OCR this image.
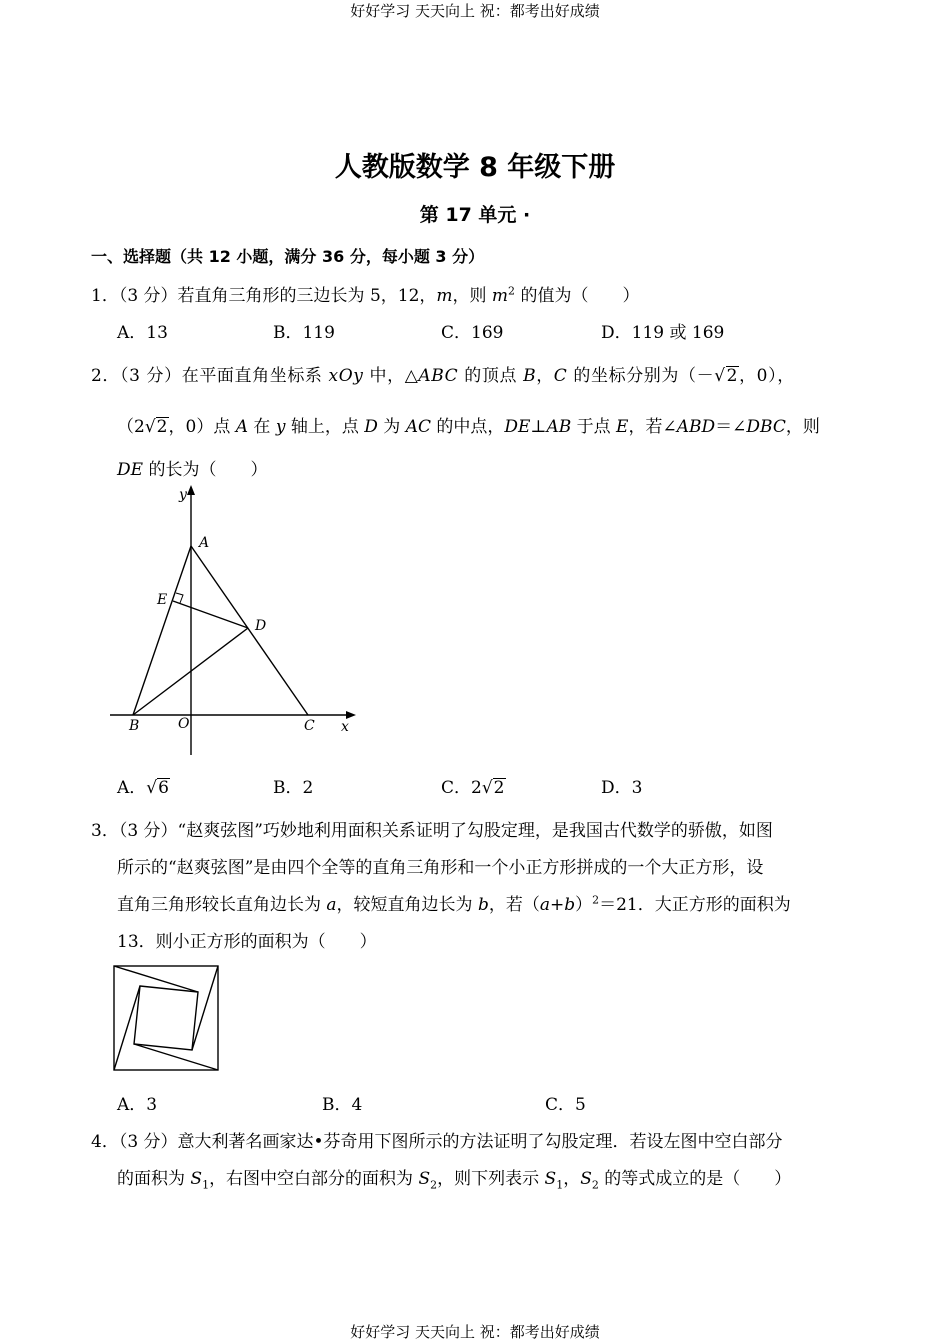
好好学习 天天向上 祝：都考出好成绩
好好学习 天天向上 祝：都考出好成绩
人教版数学 8 年级下册
第 17 单元 ·
一、选择题（共 12 小题，满分 36 分，每小题 3 分）
1．（3 分）若直角三角形的三边长为 5，12，m，则 $m^2$ 的值为（　　）
A．13	B．119	C．169	D．119 或 169
2．（3 分）在平面直角坐标系 xOy 中，△ABC 的顶点 B，C 的坐标分别为（－√2，0），
（2√2，0）点 A 在 y 轴上，点 D 为 AC 的中点，DE⊥AB 于点 E，若∠ABD＝∠DBC，则
DE 的长为（　　）
y
A
E
D
B	O	C x
A．√6	B．2	C．2√2	D．3
3．（3 分）“赵爽弦图”巧妙地利用面积关系证明了勾股定理，是我国古代数学的骄傲，如图
所示的“赵爽弦图”是由四个全等的直角三角形和一个小正方形拼成的一个大正方形，设
直角三角形较长直角边长为 a，较短直角边长为 b，若$(a+b)^2=21$．大正方形的面积为
13．则小正方形的面积为（　　）
A．3	B．4	C．5
4．（3 分）意大利著名画家达•芬奇用下图所示的方法证明了勾股定理．若设左图中空白部分
的面积为 $S_1$，右图中空白部分的面积为 $S_2$，则下列表示 $S_1$，$S_2$ 的等式成立的是（　　）
